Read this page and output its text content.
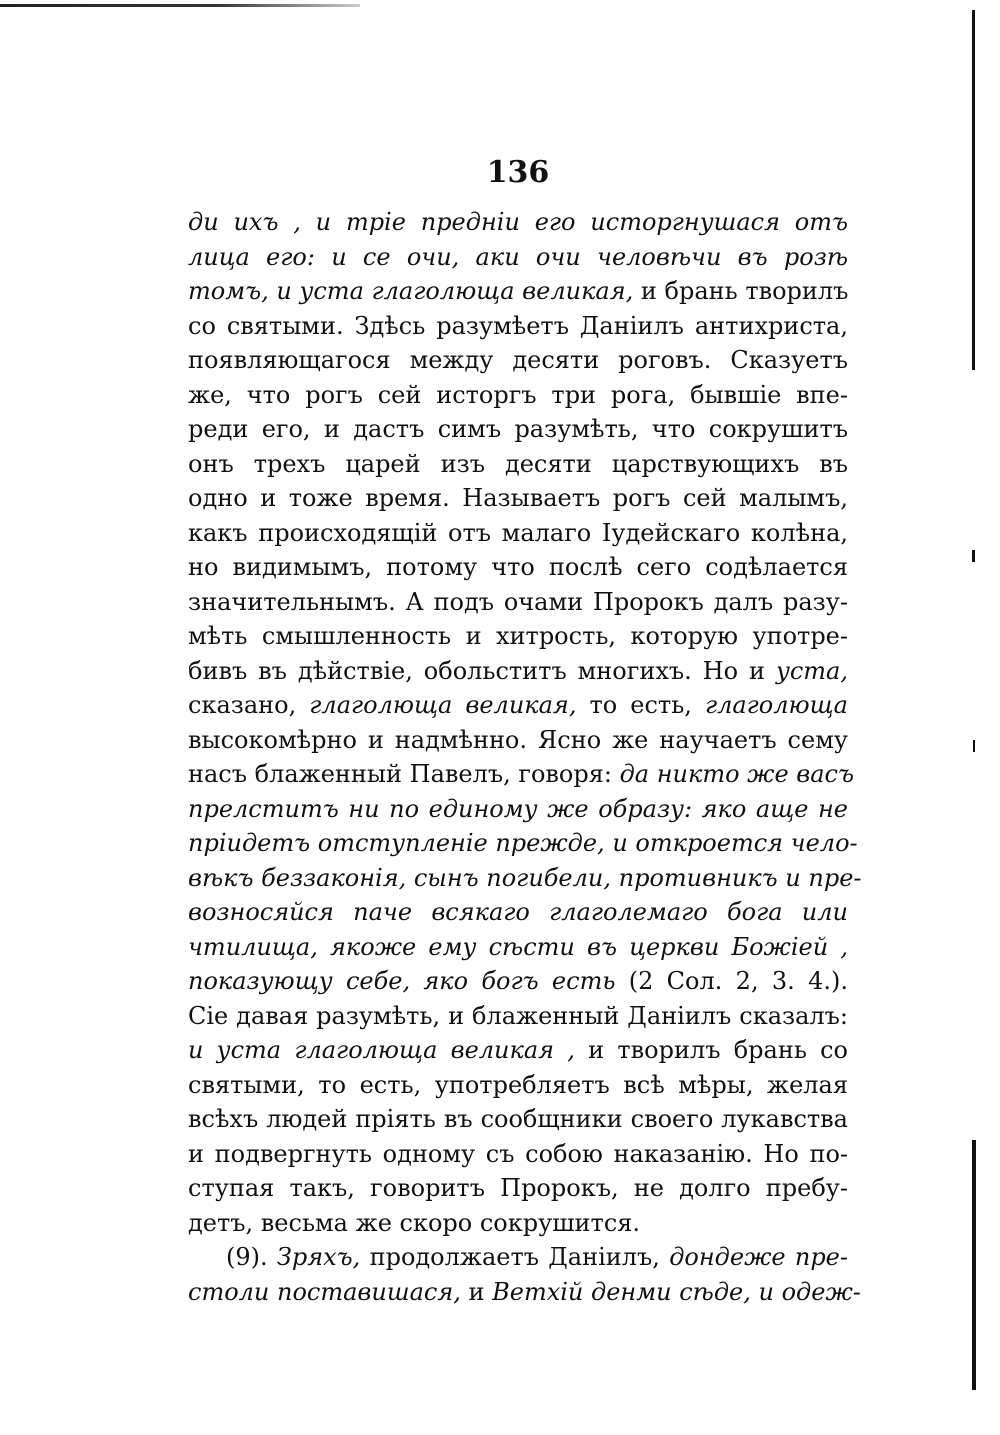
136
ди ихъ , и тріе предніи его исторгнушася отъ
лица его: и се очи, аки очи человѣчи въ розѣ
томъ, и уста глаголюща великая, и брань творилъ
со святыми. Здѣсь разумѣетъ Даніилъ антихриста,
появляющагося между десяти роговъ. Сказуетъ
же, что рогъ сей исторгъ три рога, бывшіе впе-
реди его, и дастъ симъ разумѣть, что сокрушитъ
онъ трехъ царей изъ десяти царствующихъ въ
одно и тоже время. Называетъ рогъ сей малымъ,
какъ происходящій отъ малаго Іудейскаго колѣна,
но видимымъ, потому что послѣ сего содѣлается
значительнымъ. А подъ очами Пророкъ далъ разу-
мѣть смышленность и хитрость, которую употре-
бивъ въ дѣйствіе, обольститъ многихъ. Но и уста,
сказано, глаголюща великая, то есть, глаголюща
высокомѣрно и надмѣнно. Ясно же научаетъ сему
насъ блаженный Павелъ, говоря: да никто же васъ
прелститъ ни по единому же образу: яко аще не
пріидетъ отступленіе прежде, и откроется чело-
вѣкъ беззаконія, сынъ погибели, противникъ и пре-
возносяйся паче всякаго глаголемаго бога или
чтилища, якоже ему сѣсти въ церкви Божіей ,
показующу себе, яко богъ есть (2 Сол. 2, 3. 4.).
Сіе давая разумѣть, и блаженный Даніилъ сказалъ:
и уста глаголюща великая , и творилъ брань со
святыми, то есть, употребляетъ всѣ мѣры, желая
всѣхъ людей пріять въ сообщники своего лукавства
и подвергнуть одному съ собою наказанію. Но по-
ступая такъ, говоритъ Пророкъ, не долго пребу-
детъ, весьма же скоро сокрушится.
(9). Зряхъ, продолжаетъ Даніилъ, дондеже пре-
столи поставишася, и Ветхій денми сѣде, и одеж-
